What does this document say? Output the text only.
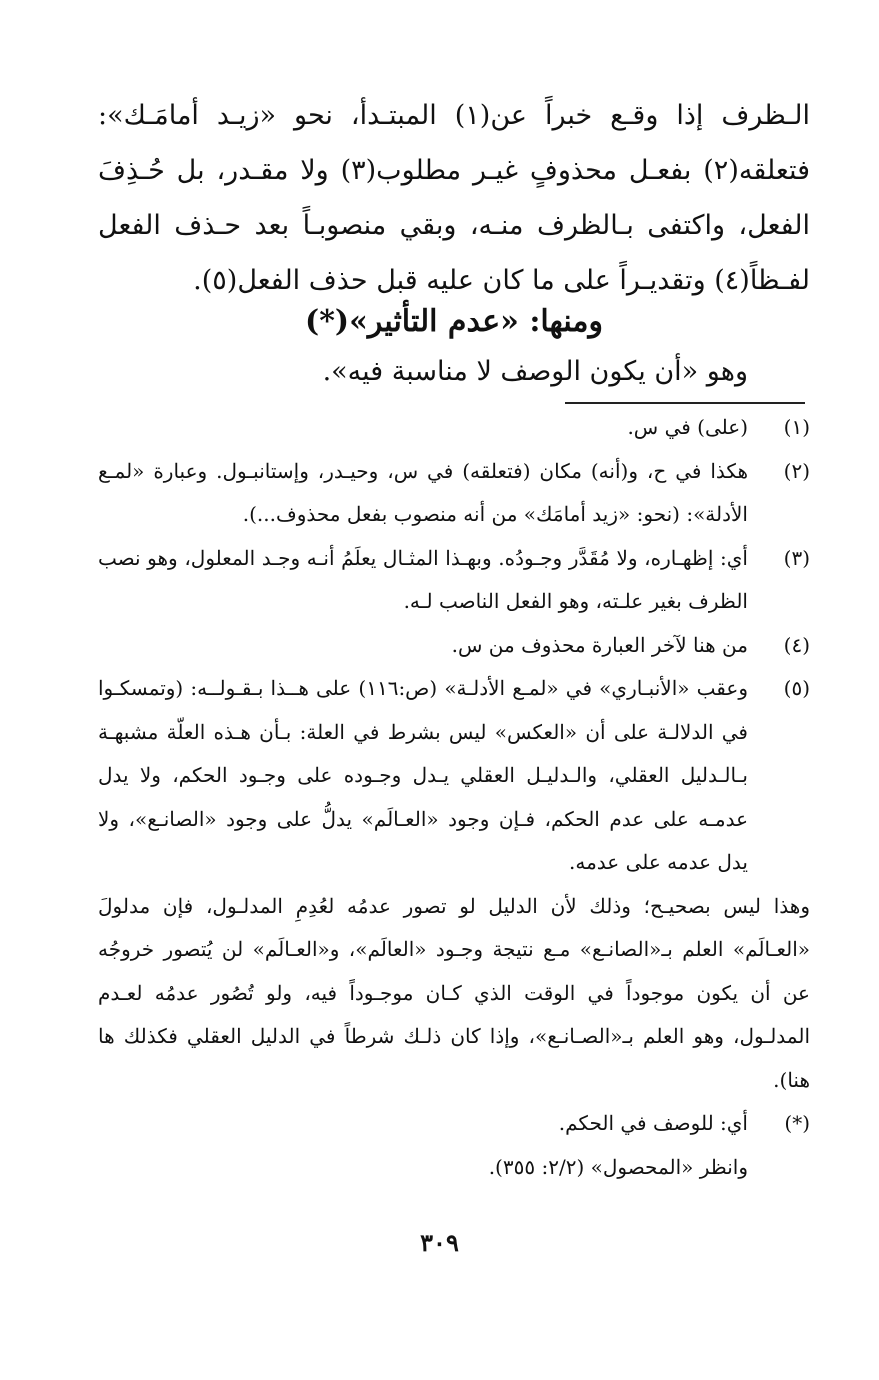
الـظرف إذا وقـع خبراً عن(١) المبتـدأ، نحو «زيـد أمامَـك»: فتعلقه(٢) بفعـل محذوفٍ غيـر مطلوب(٣) ولا مقـدر، بل حُـذِفَ الفعل، واكتفى بـالظرف منـه، وبقي منصوبـاً بعد حـذف الفعل لفـظاً(٤) وتقديـراً على ما كان عليه قبل حذف الفعل(٥).

ومنها: «عدم التأثير»(*)
وهو «أن يكون الوصف لا مناسبة فيه».
(١)
(على) في س.
(٢)
هكذا في ح، و(أنه) مكان (فتعلقه) في س، وحيـدر، وإستانبـول. وعبارة «لمـع الأدلة»: (نحو: «زيد أمامَك» من أنه منصوب بفعل محذوف...).
(٣)
أي: إظهـاره، ولا مُقَدَّر وجـودُه. وبهـذا المثـال يعلَمُ أنـه وجـد المعلول، وهو نصب الظرف بغير علـته، وهو الفعل الناصب لـه.
(٤)
من هنا لآخر العبارة محذوف من س.
(٥)
وعقب «الأنبـاري» في «لمـع الأدلـة» (ص:١١٦) على هــذا بـقـولــه: (وتمسكـوا في الدلالـة على أن «العكس» ليس بشرط في العلة: بـأن هـذه العلّة مشبهـة بـالـدليل العقلي، والـدليـل العقلي يـدل وجـوده على وجـود الحكم، ولا يدل عدمـه على عدم الحكم، فـإن وجود «العـالَم» يدلُّ على وجود «الصانـع»، ولا يدل عدمه على عدمه.
وهذا ليس بصحيـح؛ وذلك لأن الدليل لو تصور عدمُه لعُدِمِ المدلـول، فإن مدلولَ «العـالَم» العلم بـ«الصانـع» مـع نتيجة وجـود «العالَم»، و«العـالَم» لن يُتصور خروجُه عن أن يكون موجوداً في الوقت الذي كـان موجـوداً فيه، ولو تُصُور عدمُه لعـدم المدلـول، وهو العلم بـ«الصـانـع»، وإذا كان ذلـك شرطاً في الدليل العقلي فكذلك ها هنا).
(*)
أي: للوصف في الحكم.
وانظر «المحصول» (٢/٢: ٣٥٥).
٣٠٩
